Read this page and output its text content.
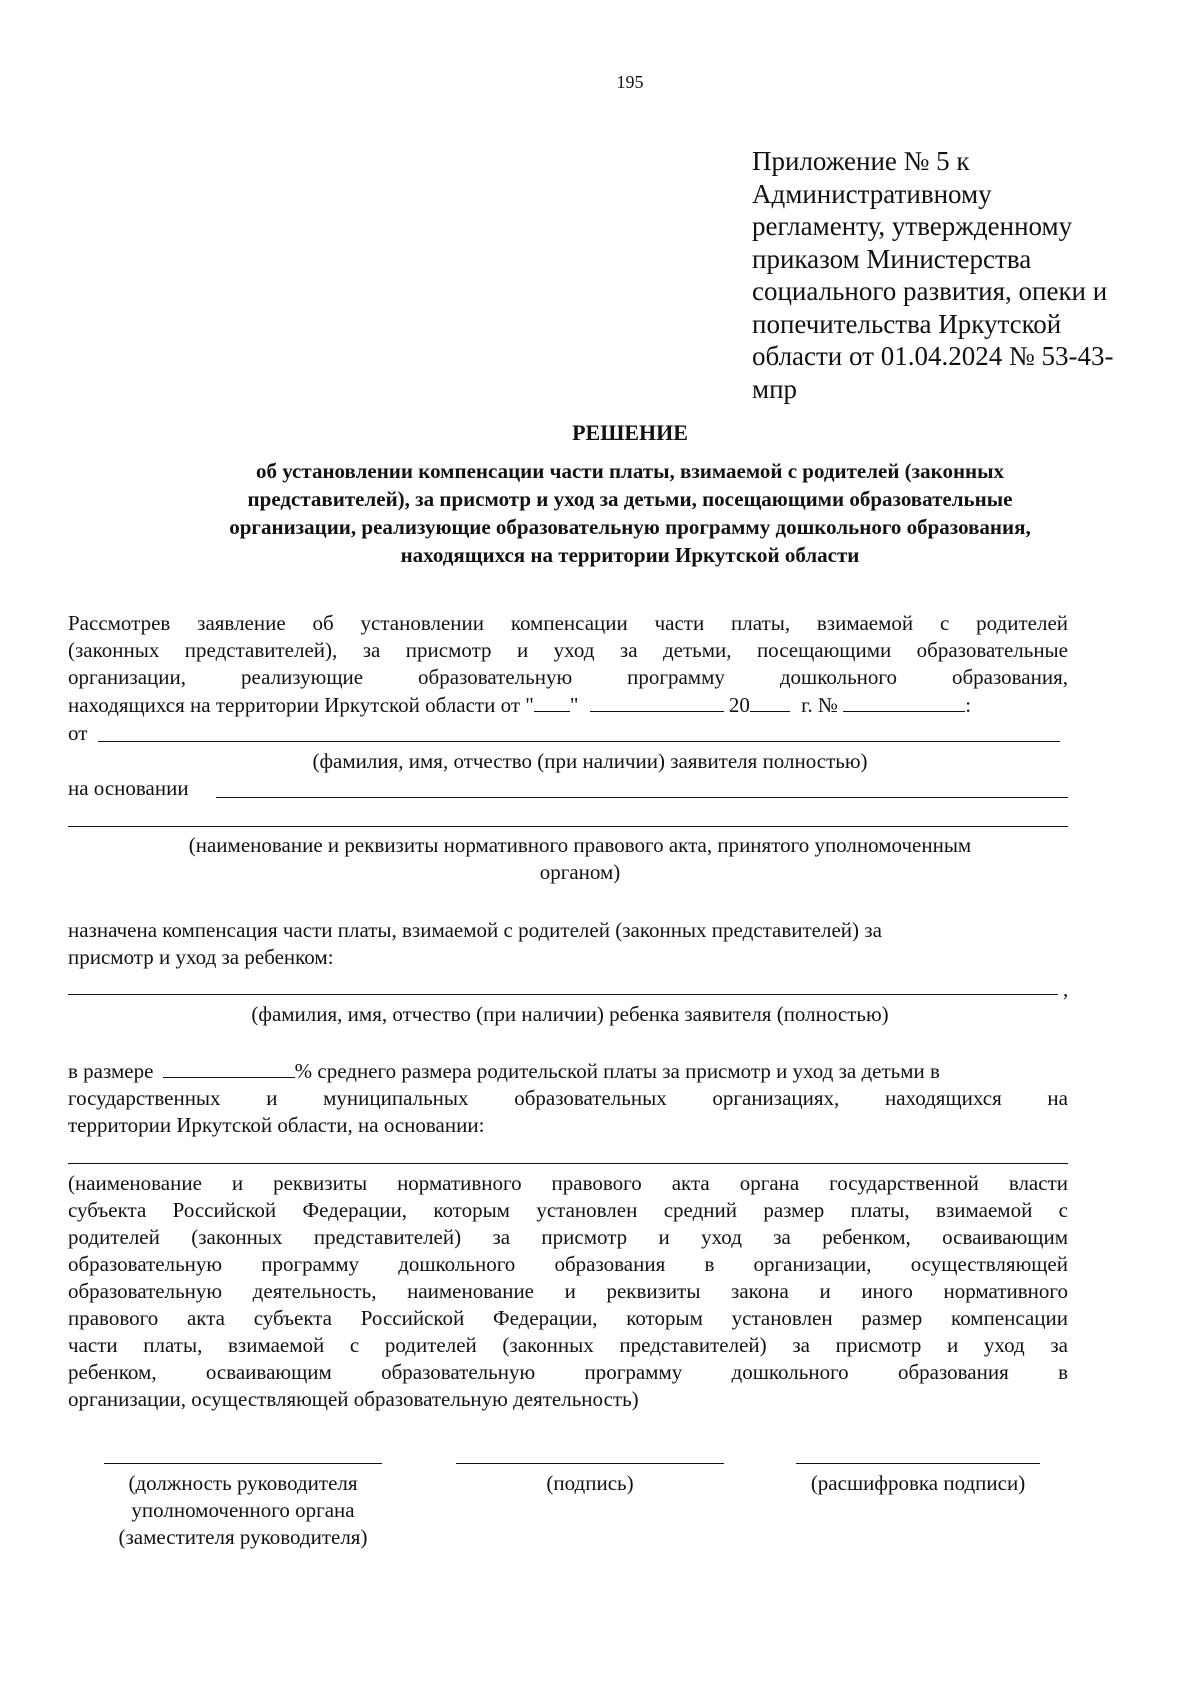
195
Приложение № 5 к
Административному
регламенту, утвержденному
приказом Министерства
социального развития, опеки и
попечительства Иркутской
области от 01.04.2024 № 53-43-
мпр
РЕШЕНИЕ
об установлении компенсации части платы, взимаемой с родителей (законных
представителей), за присмотр и уход за детьми, посещающими образовательные
организации, реализующие образовательную программу дошкольного образования,
находящихся на территории Иркутской области
Рассмотрев заявление об установлении компенсации части платы, взимаемой с родителей
(законных представителей), за присмотр и уход за детьми, посещающими образовательные
организации, реализующие образовательную программу дошкольного образования,
находящихся на территории Иркутской области от " "	20 г. №	:
от
(фамилия, имя, отчество (при наличии) заявителя полностью)
на основании
(наименование и реквизиты нормативного правового акта, принятого уполномоченным
органом)
назначена компенсация части платы, взимаемой с родителей (законных представителей) за
присмотр и уход за ребенком:
,
(фамилия, имя, отчество (при наличии) ребенка заявителя (полностью)
в размере	% среднего размера родительской платы за присмотр и уход за детьми в
государственных и муниципальных образовательных организациях, находящихся на
территории Иркутской области, на основании:
(наименование и реквизиты нормативного правового акта органа государственной власти
субъекта Российской Федерации, которым установлен средний размер платы, взимаемой с
родителей (законных представителей) за присмотр и уход за ребенком, осваивающим
образовательную программу дошкольного образования в организации, осуществляющей
образовательную деятельность, наименование и реквизиты закона и иного нормативного
правового акта субъекта Российской Федерации, которым установлен размер компенсации
части платы, взимаемой с родителей (законных представителей) за присмотр и уход за
ребенком, осваивающим образовательную программу дошкольного образования в
организации, осуществляющей образовательную деятельность)
(должность руководителя
уполномоченного органа
(заместителя руководителя)
(подпись)	(расшифровка подписи)
